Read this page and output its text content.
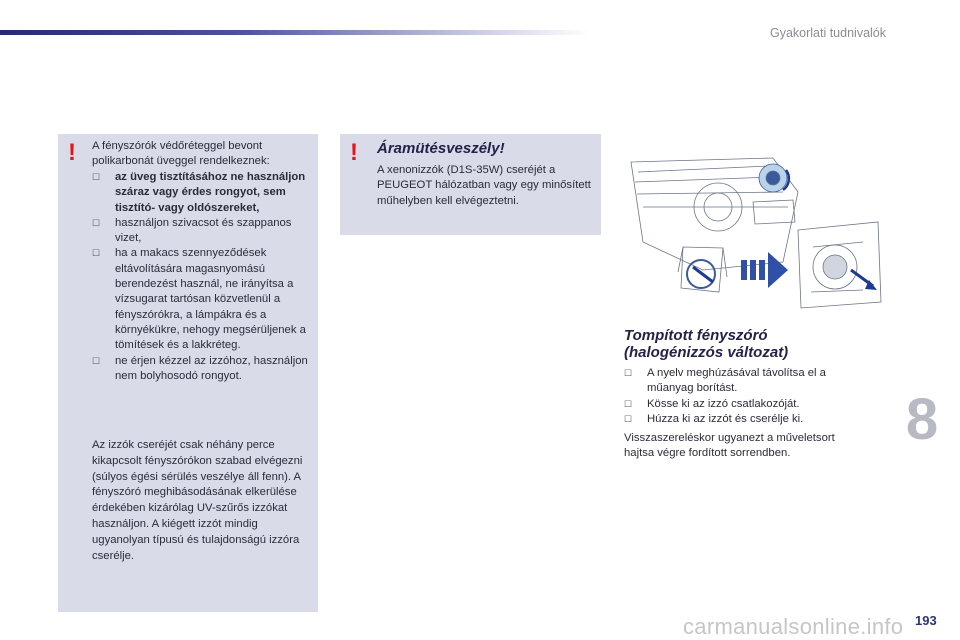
Gyakorlati tudnivalók
! A fényszórók védőréteggel bevont polikarbonát üveggel rendelkeznek:

☐	az üveg tisztításához ne használjon száraz vagy érdes rongyot, sem tisztító- vagy oldószereket,
☐	használjon szivacsot és szappanos vizet,
☐	ha a makacs szennyeződések eltávolítására magasnyomású berendezést használ, ne irányítsa a vízsugarat tartósan közvetlenül a fényszórókra, a lámpákra és a környékükre, nehogy megsérüljenek a tömítések és a lakkréteg.
☐	ne érjen kézzel az izzóhoz, használjon nem bolyhosodó rongyot.

Az izzók cseréjét csak néhány perce kikapcsolt fényszórókon szabad elvégezni (súlyos égési sérülés veszélye áll fenn). A fényszóró meghibásodásának elkerülése érdekében kizárólag UV-szűrős izzókat használjon. A kiégett izzót mindig ugyanolyan típusú és tulajdonságú izzóra cserélje.

! Áramütésveszély!

A xenonizzók (D1S-35W) cseréjét a PEUGEOT hálózatban vagy egy minősített műhelyben kell elvégeztetni.

Tompított fényszóró
(halogénizzós változat)
☐	A nyelv meghúzásával távolítsa el a műanyag borítást.
☐	Kösse ki az izzó csatlakozóját.
☐	Húzza ki az izzót és cserélje ki.

Visszaszereléskor ugyanezt a műveletsort hajtsa végre fordított sorrendben.

8
carmanualsonline.info 193
